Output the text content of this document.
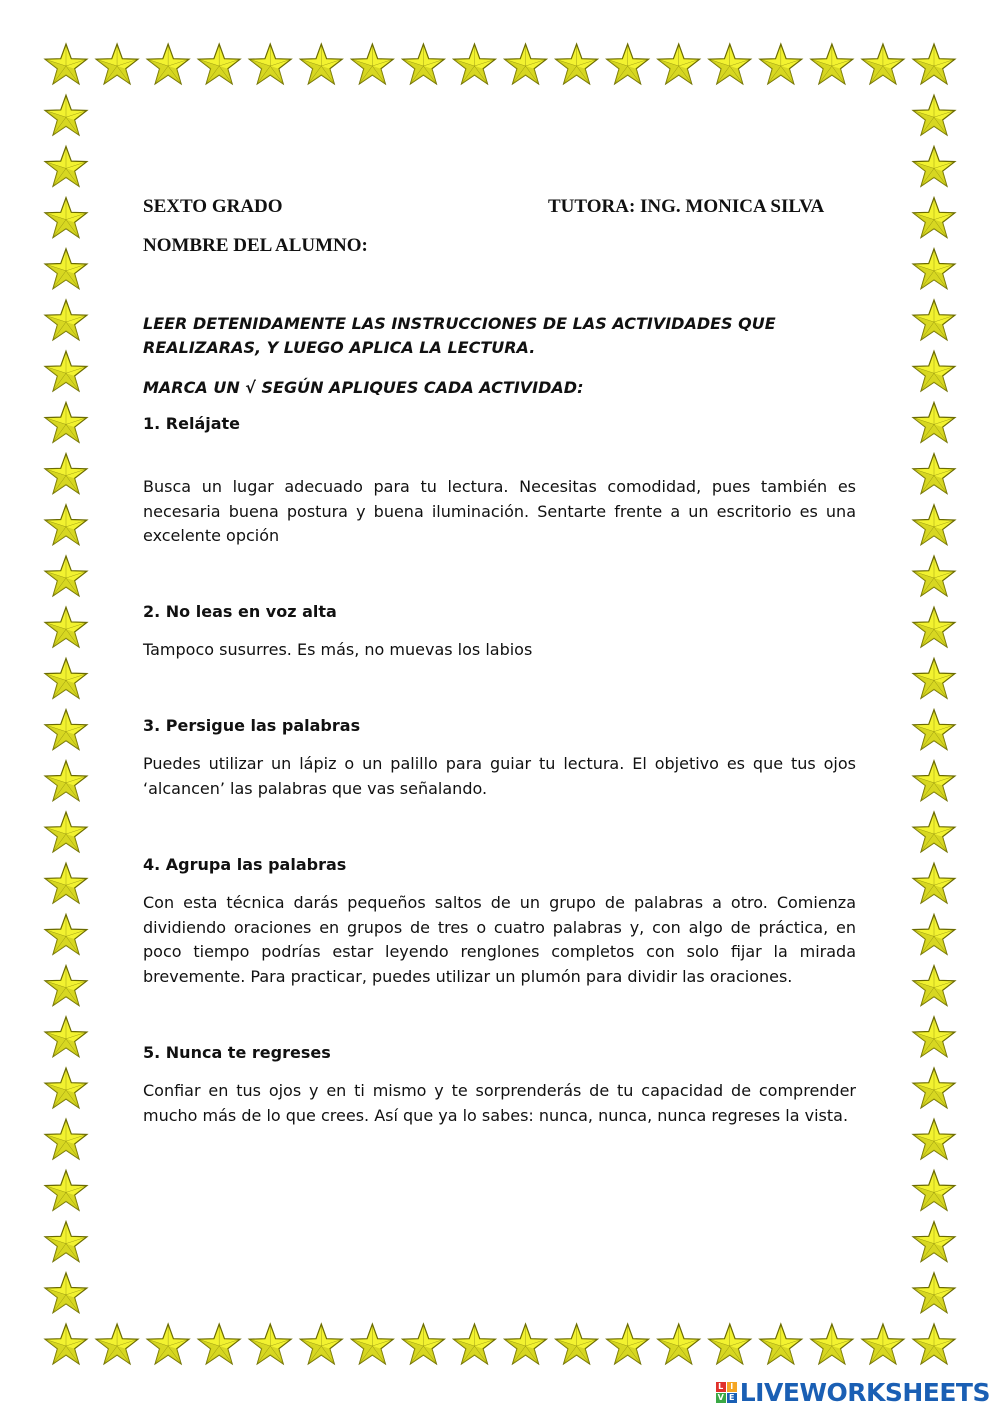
SEXTO GRADO	TUTORA: ING. MONICA SILVA
NOMBRE DEL ALUMNO:

LEER DETENIDAMENTE LAS INSTRUCCIONES DE LAS ACTIVIDADES QUE REALIZARAS, Y LUEGO APLICA LA LECTURA.

MARCA UN √ SEGÚN APLIQUES CADA ACTIVIDAD:

1. Relájate

Busca un lugar adecuado para tu lectura. Necesitas comodidad, pues también es necesaria buena postura y buena iluminación. Sentarte frente a un escritorio es una excelente opción

2. No leas en voz alta

Tampoco susurres. Es más, no muevas los labios

3. Persigue las palabras

Puedes utilizar un lápiz o un palillo para guiar tu lectura. El objetivo es que tus ojos ‘alcancen’ las palabras que vas señalando.

4. Agrupa las palabras

Con esta técnica darás pequeños saltos de un grupo de palabras a otro. Comienza dividiendo oraciones en grupos de tres o cuatro palabras y, con algo de práctica, en poco tiempo podrías estar leyendo renglones completos con solo fijar la mirada brevemente. Para practicar, puedes utilizar un plumón para dividir las oraciones.

5. Nunca te regreses

Confiar en tus ojos y en ti mismo y te sorprenderás de tu capacidad de comprender mucho más de lo que crees. Así que ya lo sabes: nunca, nunca, nunca regreses la vista.

L I
V E LIVEWORKSHEETS
